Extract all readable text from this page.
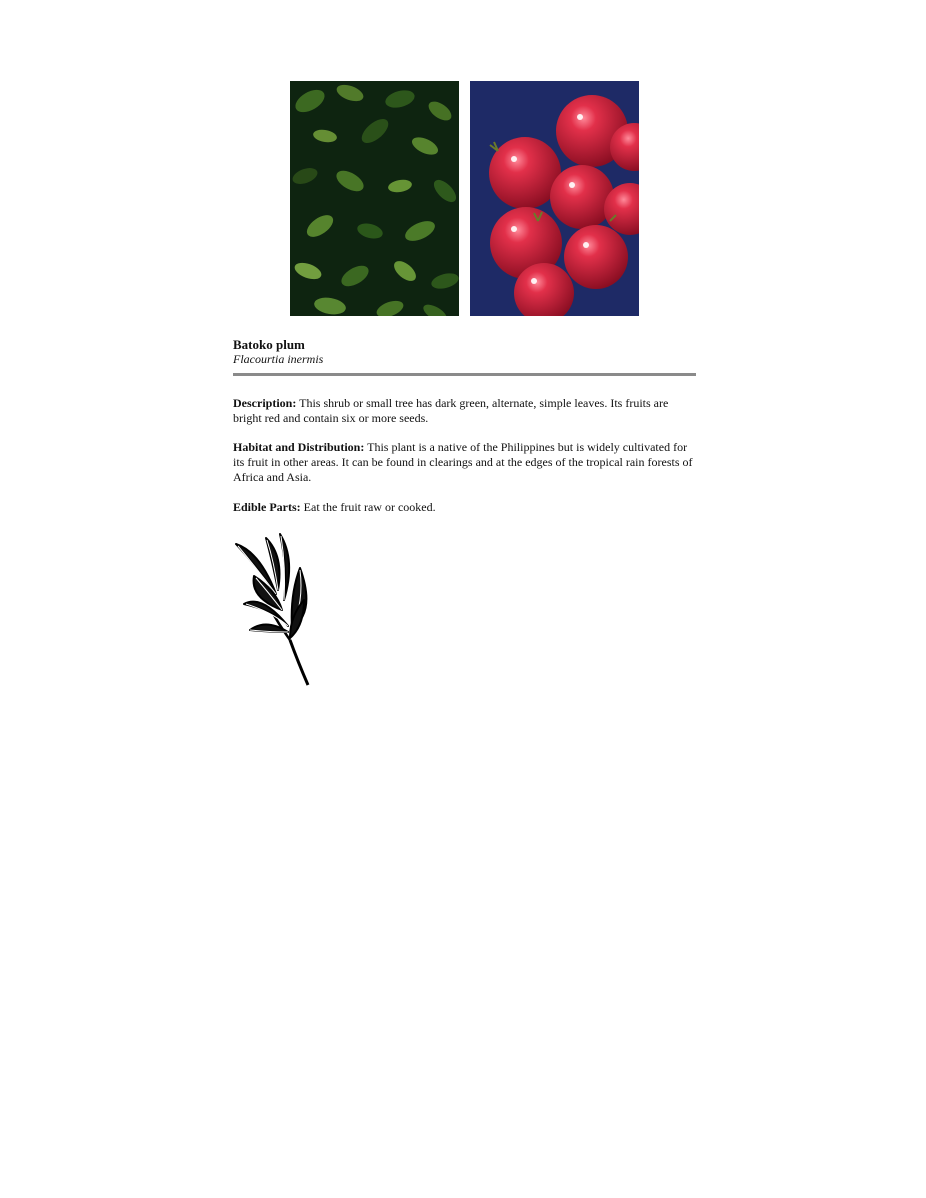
Batoko plum
Flacourtia inermis

Description: This shrub or small tree has dark green, alternate, simple leaves. Its fruits are bright red and contain six or more seeds.

Habitat and Distribution: This plant is a native of the Philippines but is widely cultivated for its fruit in other areas. It can be found in clearings and at the edges of the tropical rain forests of Africa and Asia.

Edible Parts: Eat the fruit raw or cooked.
